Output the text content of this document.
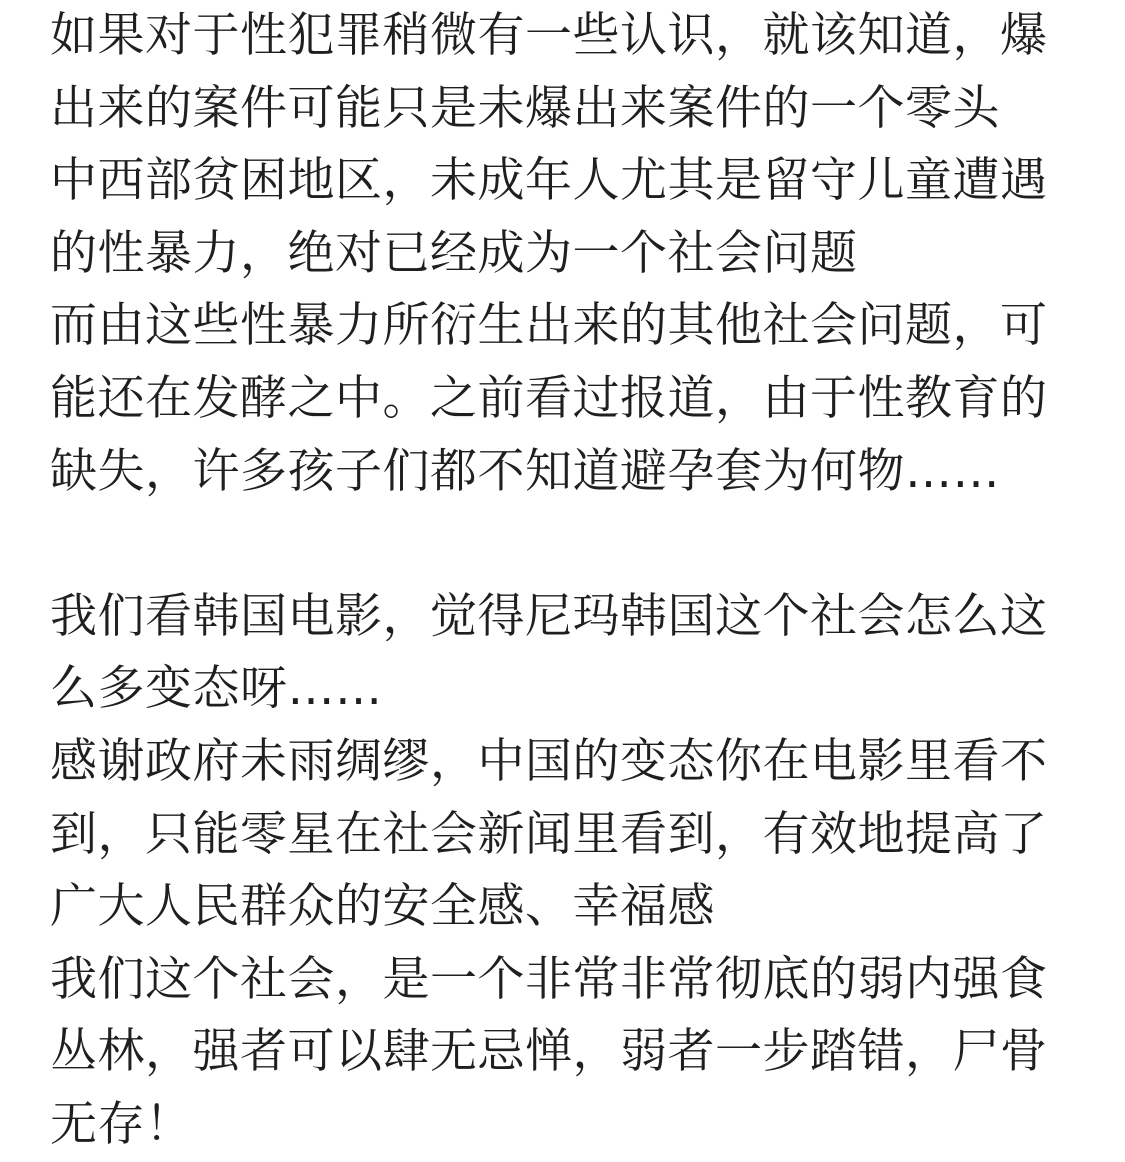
如果对于性犯罪稍微有一些认识，就该知道，爆
出来的案件可能只是未爆出来案件的一个零头
中西部贫困地区，未成年人尤其是留守儿童遭遇
的性暴力，绝对已经成为一个社会问题
而由这些性暴力所衍生出来的其他社会问题，可
能还在发酵之中。之前看过报道，由于性教育的
缺失，许多孩子们都不知道避孕套为何物……
我们看韩国电影，觉得尼玛韩国这个社会怎么这
么多变态呀……
感谢政府未雨绸缪，中国的变态你在电影里看不
到，只能零星在社会新闻里看到，有效地提高了
广大人民群众的安全感、幸福感
我们这个社会，是一个非常非常彻底的弱内强食
丛林，强者可以肆无忌惮，弱者一步踏错，尸骨
无存！
